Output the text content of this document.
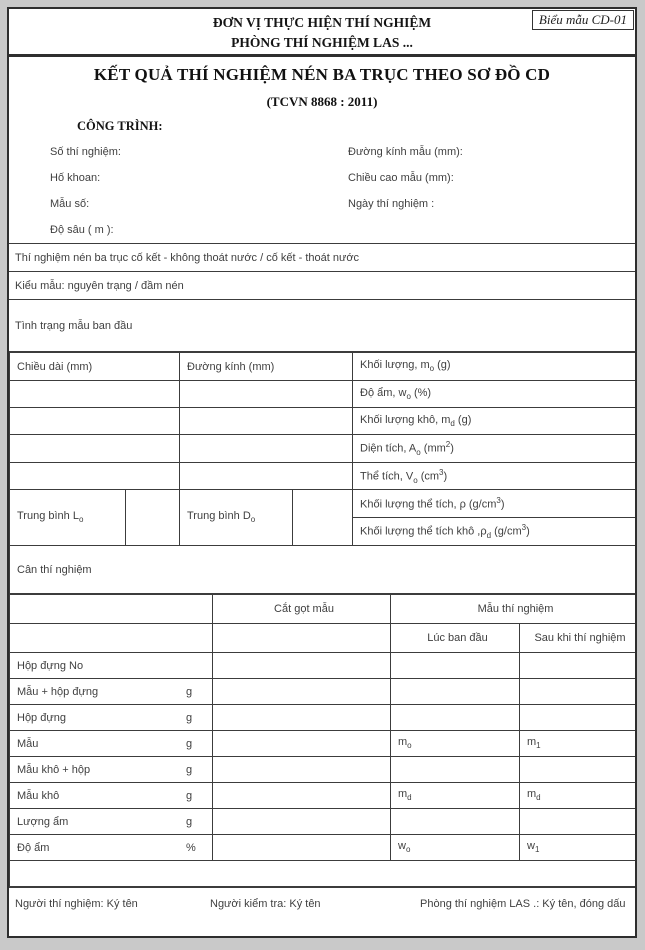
ĐƠN VỊ THỰC HIỆN THÍ NGHIỆM
PHÒNG THÍ NGHIỆM LAS ...
Biểu mẫu CD-01
KẾT QUẢ THÍ NGHIỆM NÉN BA TRỤC THEO SƠ ĐỒ CD
(TCVN 8868 : 2011)
CÔNG TRÌNH:
Số thí nghiệm:
Hố khoan:
Mẫu số:
Độ sâu ( m ):
Đường kính mẫu (mm):
Chiều cao mẫu (mm):
Ngày thí nghiệm :
Thí nghiệm nén ba trục cố kết - không thoát nước / cố kết - thoát nước
Kiểu mẫu: nguyên trạng / đầm nén
Tình trạng mẫu ban đầu
Chiều dài (mm)		Đường kính (mm)		Khối lượng, $m_o$ (g)
				Độ ẩm, $w_o$ (%)
				Khối lượng khô, $m_d$ (g)
				Diện tích, $A_o$ $(mm^2)$
				Thể tích, $V_o$ $(cm^3)$
Trung bình $L_o$		Trung bình $D_o$		Khối lượng thể tích, ρ $(g/cm^3)$
				Khối lượng thể tích khô $,\rho_d$ $(g/cm^3)$
Cân thí nghiệm				
	Cắt gọt mẫu	Mẫu thí nghiệm	
		Lúc ban đầu	Sau khi thí nghiệm
Hộp đựng No

Mẫu + hộp đựng g			

Hộp đựng g			

Mẫu g		$m_o$	$m_1$
Mẫu khô + hộp g			

Mẫu khô g		$m_d$	$m_d$
Lượng ẩm g			

Độ ẩm %		$w_o$	$w_1$

Người thí nghiệm: Ký tên	Người kiểm tra: Ký tên	Phòng thí nghiệm LAS .: Ký tên, đóng dấu
